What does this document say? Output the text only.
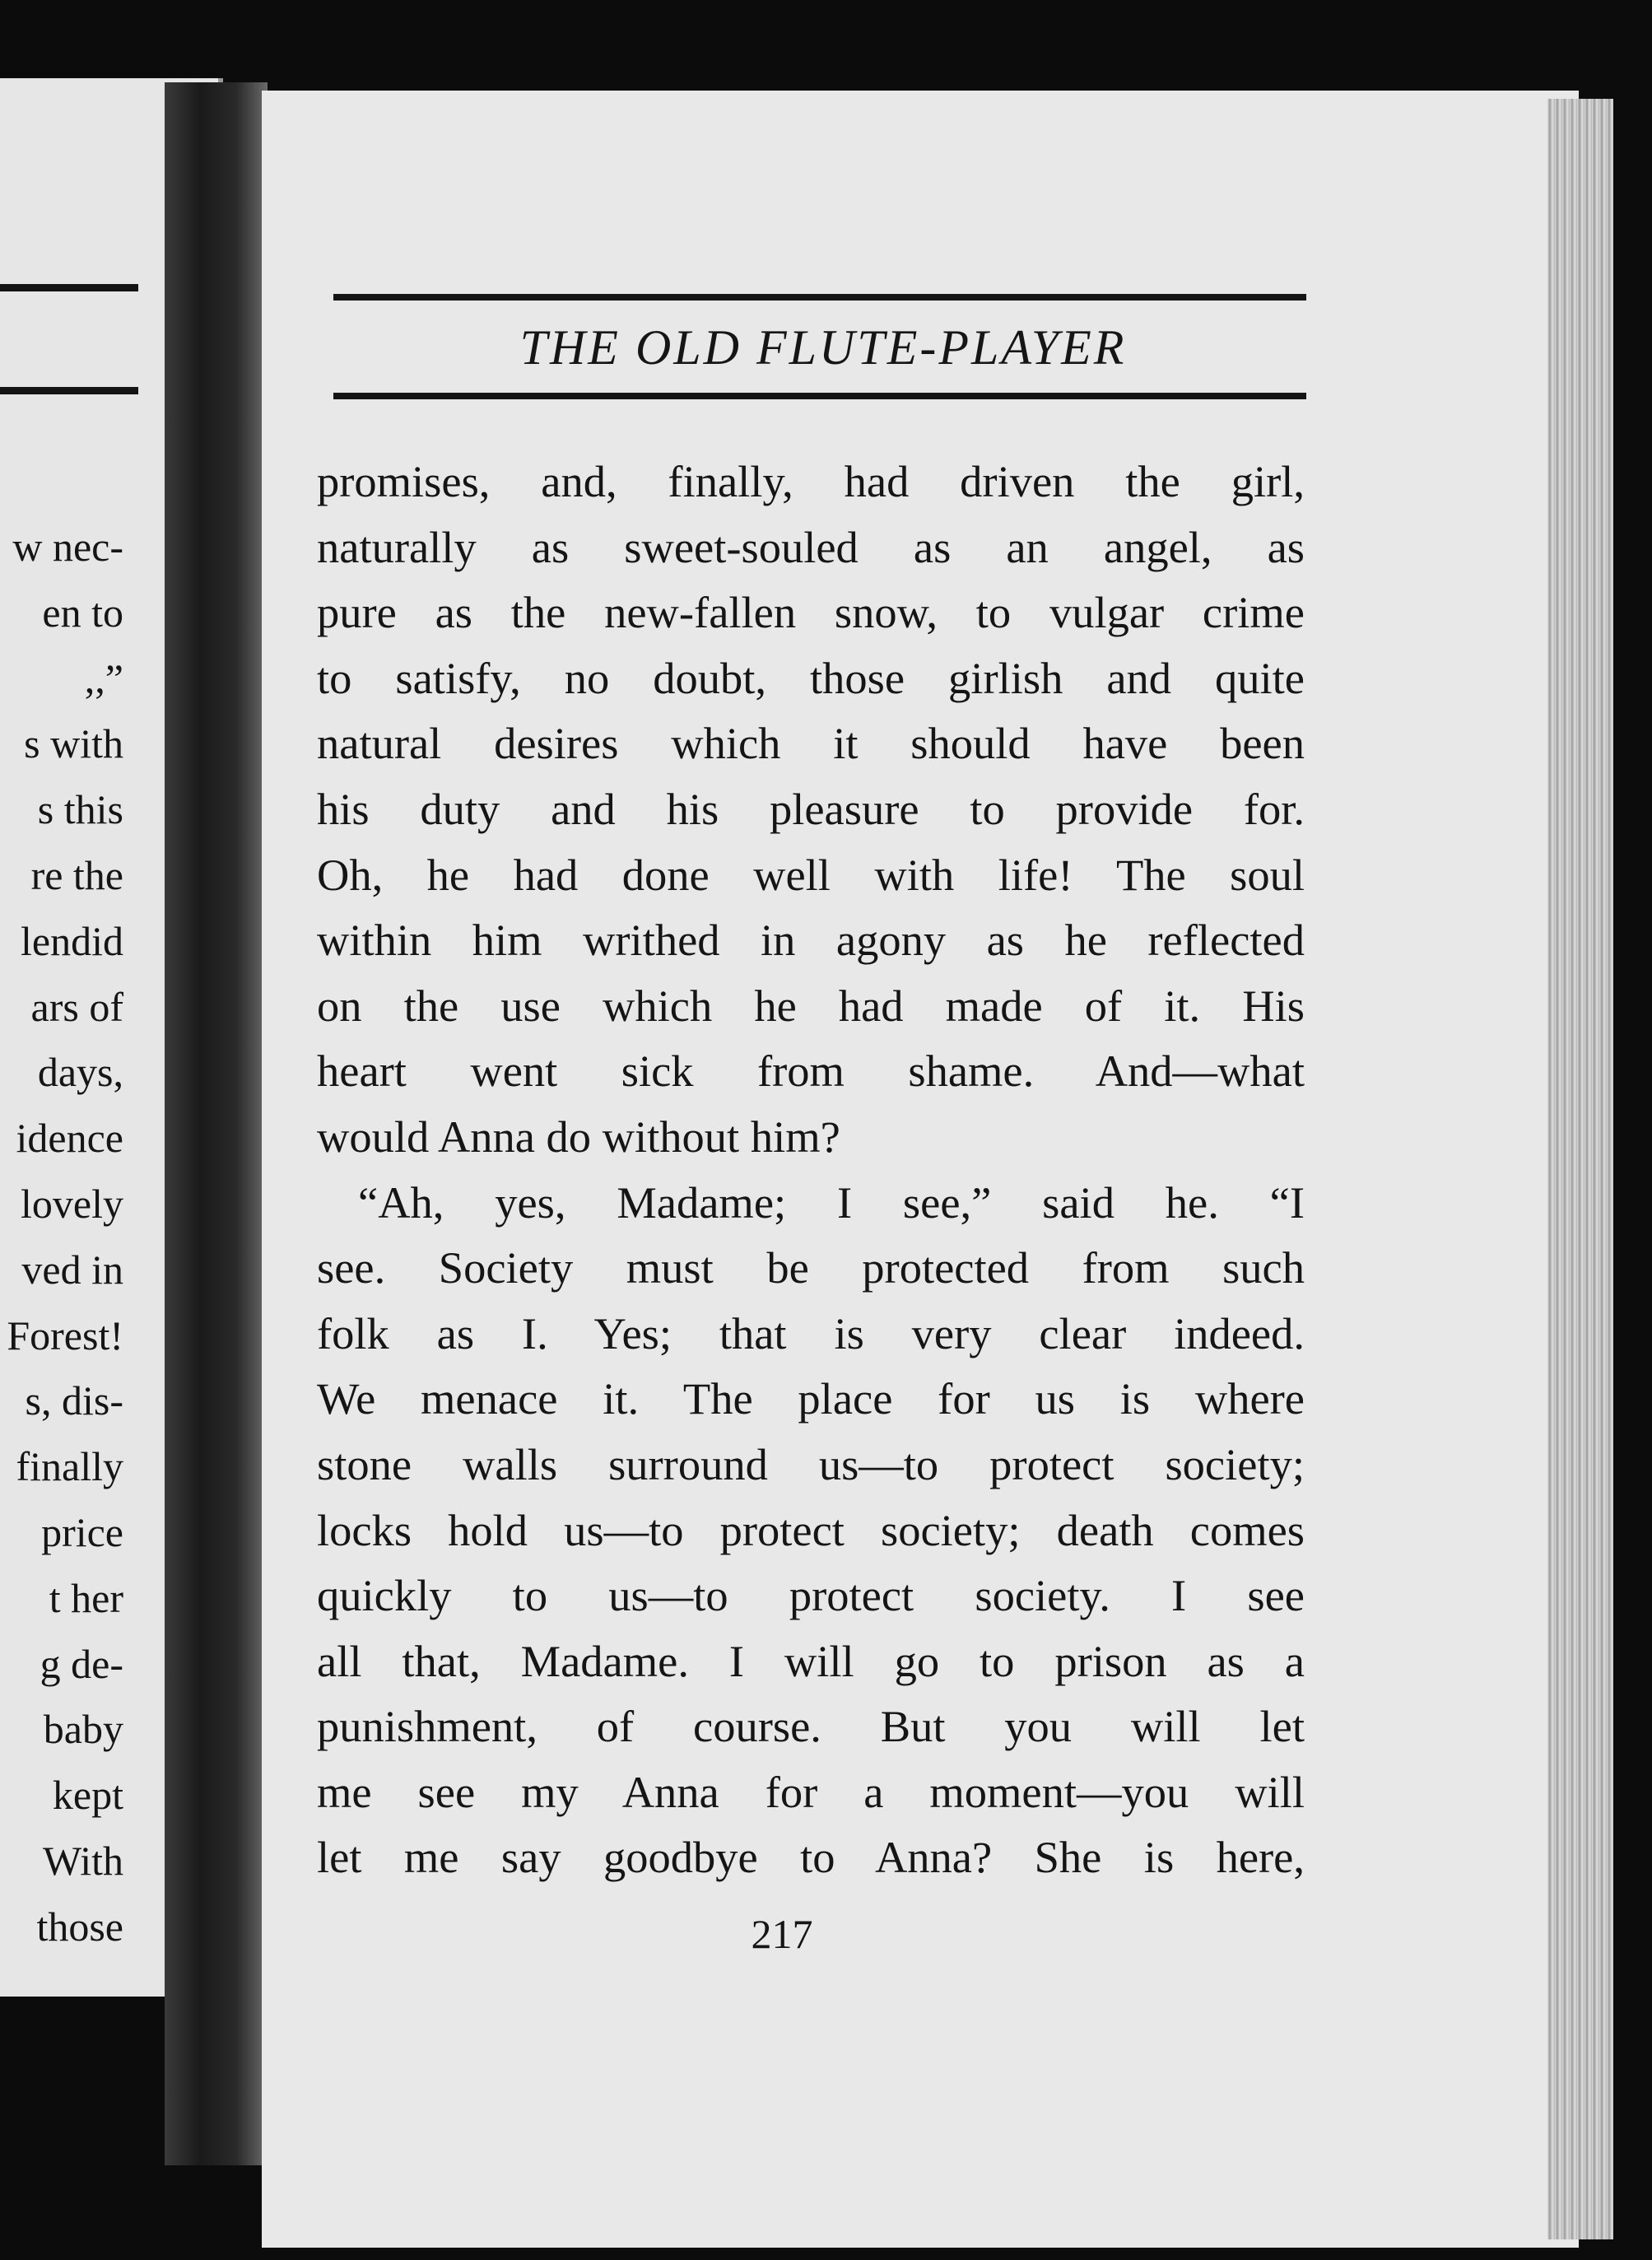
w nec-
en to
,,”
s with
s this
re the
lendid
ars of
days,
idence
lovely
ved in
Forest!
s, dis-
finally
price
t her
g de-
baby
kept
With
those
THE OLD FLUTE-PLAYER
promises, and, finally, had driven the girl,
naturally as sweet-souled as an angel, as
pure as the new-fallen snow, to vulgar crime
to satisfy, no doubt, those girlish and quite
natural desires which it should have been
his duty and his pleasure to provide for.
Oh, he had done well with life! The soul
within him writhed in agony as he reflected
on the use which he had made of it. His
heart went sick from shame. And—what
would Anna do without him?
“Ah, yes, Madame; I see,” said he. “I
see. Society must be protected from such
folk as I. Yes; that is very clear indeed.
We menace it. The place for us is where
stone walls surround us—to protect society;
locks hold us—to protect society; death comes
quickly to us—to protect society. I see
all that, Madame. I will go to prison as a
punishment, of course. But you will let
me see my Anna for a moment—you will
let me say goodbye to Anna? She is here,

217
